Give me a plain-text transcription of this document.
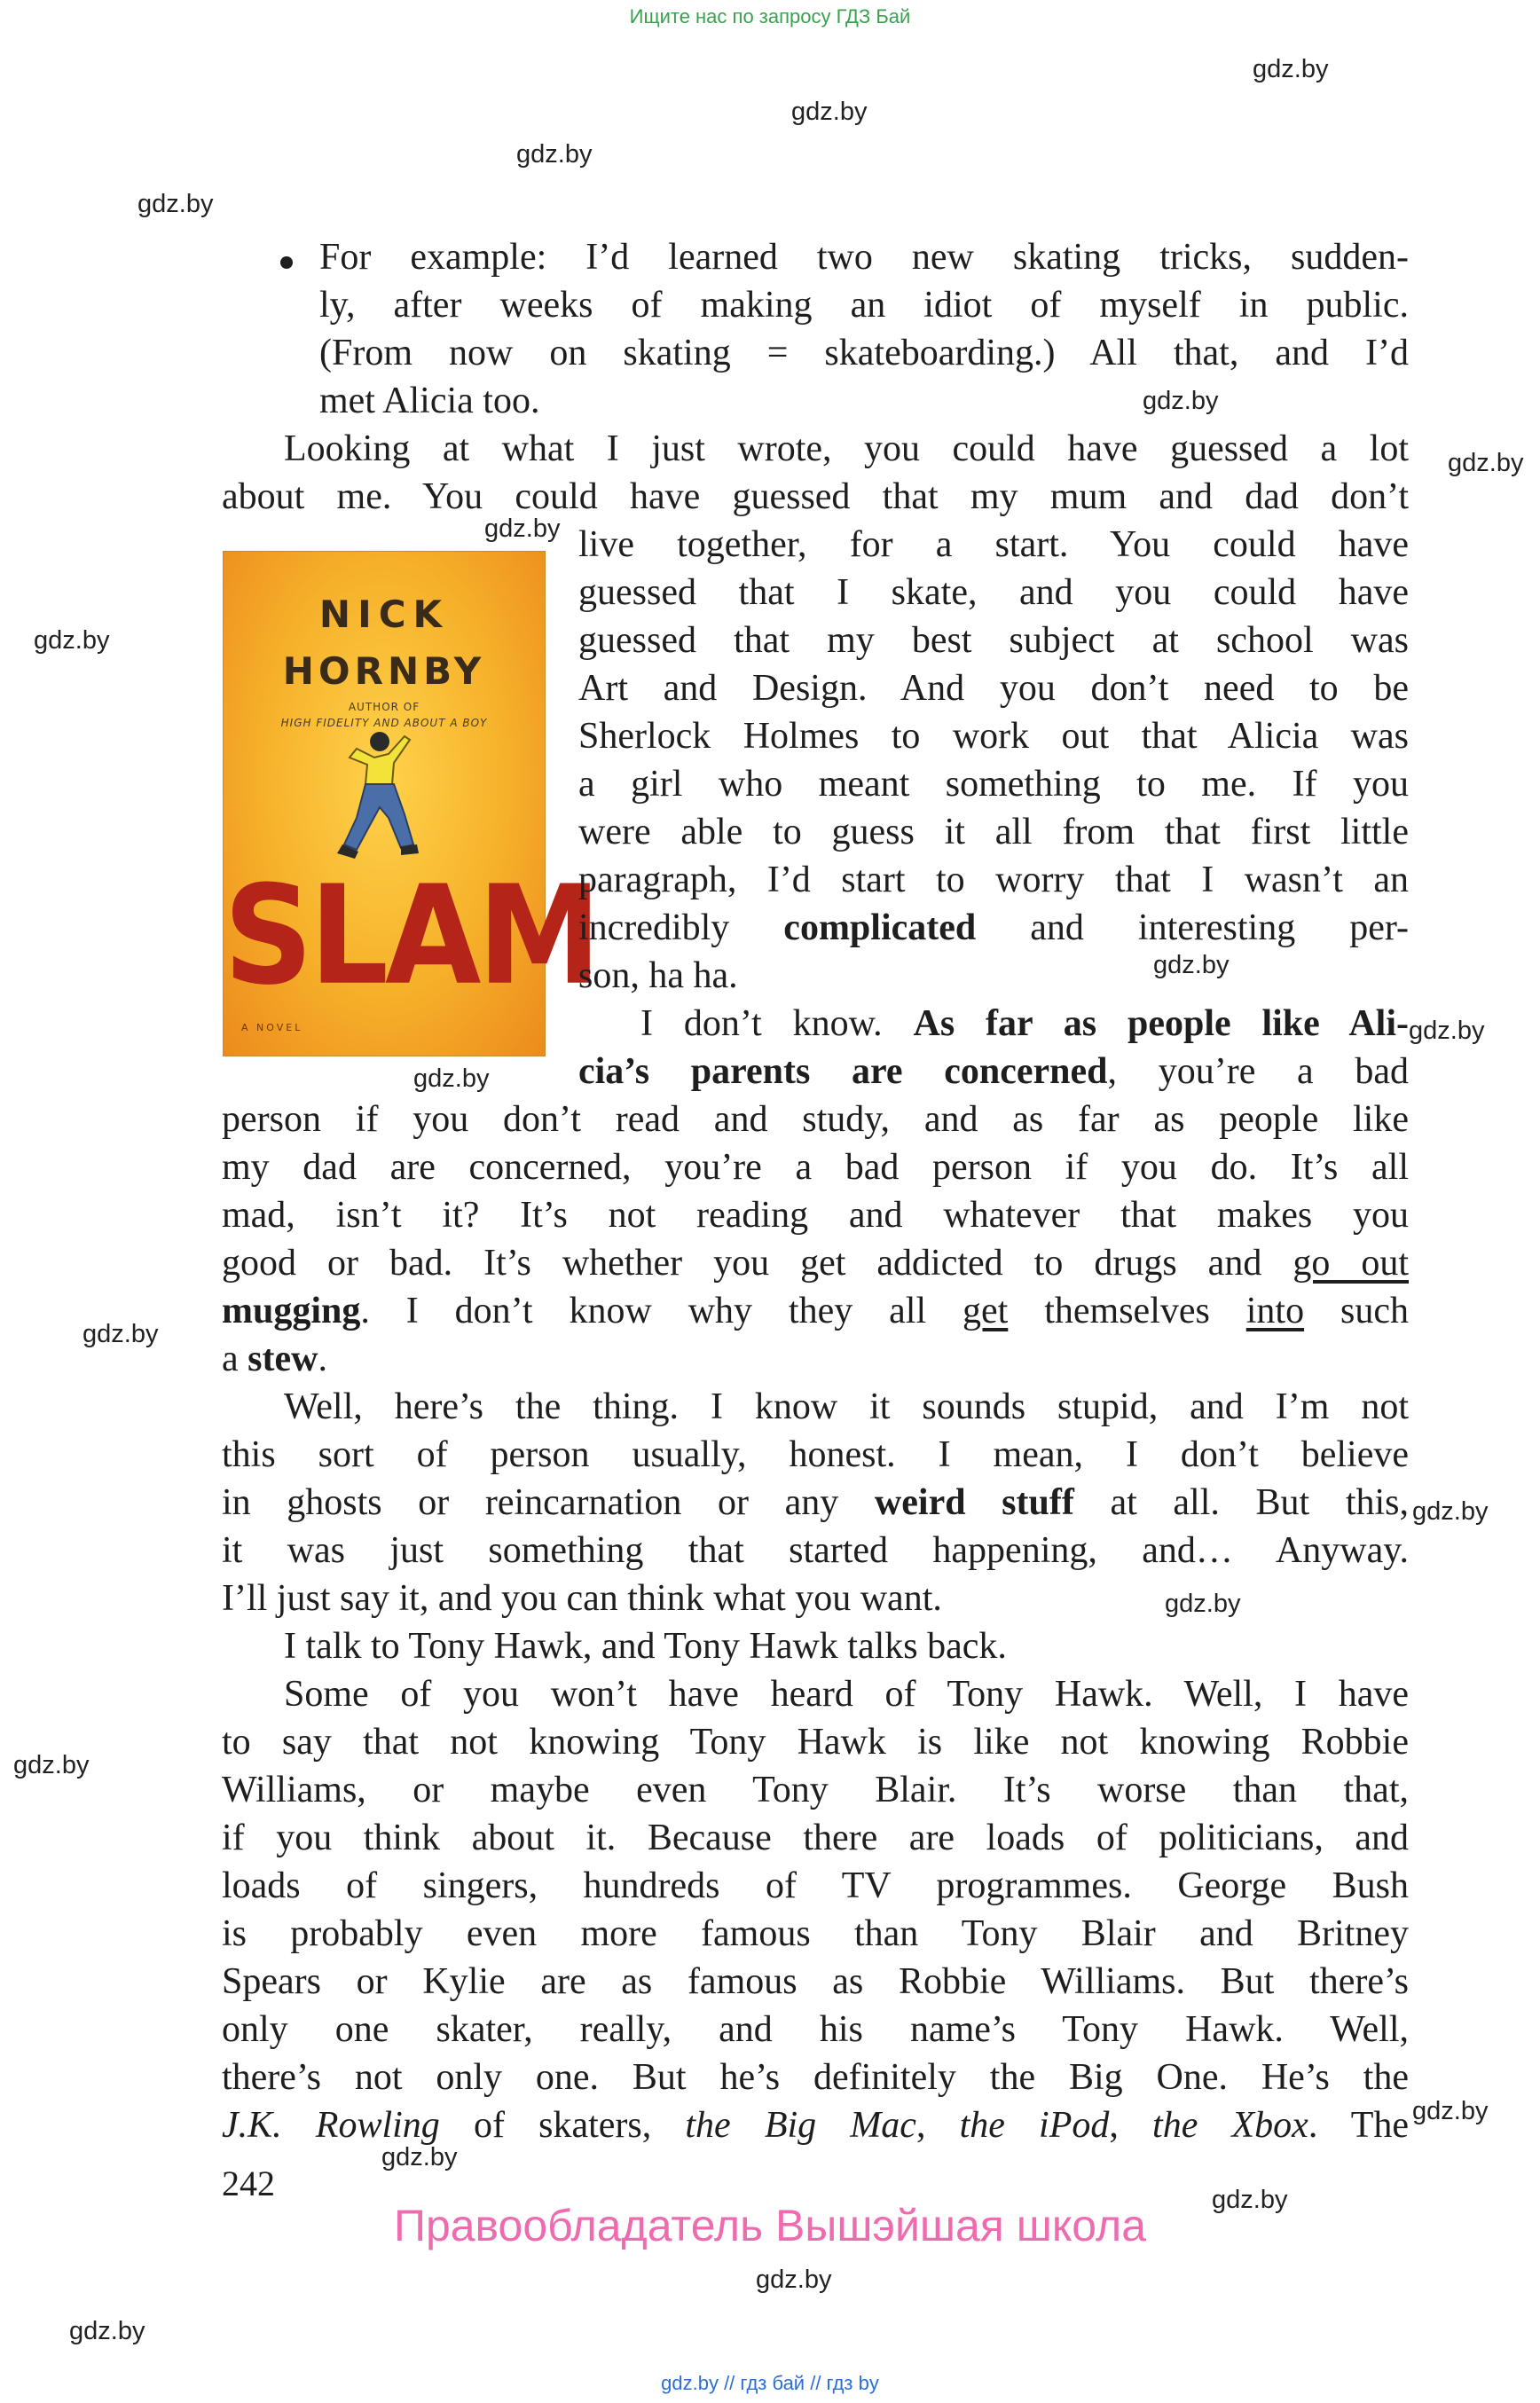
Ищите нас по запросу ГДЗ Бай
gdz.by
gdz.by
gdz.by
gdz.by
gdz.by
gdz.by
gdz.by
gdz.by
gdz.by
gdz.by
gdz.by
gdz.by
gdz.by
gdz.by
gdz.by
gdz.by
gdz.by
gdz.by
gdz.by
gdz.by
NICK
HORNBY
AUTHOR OF
HIGH FIDELITY AND ABOUT A BOY
SLAM
A NOVEL
For example: I’d learned two new skating tricks, sudden-
ly, after weeks of making an idiot of myself in public.
(From now on skating = skateboarding.) All that, and I’d
met Alicia too.
Looking at what I just wrote, you could have guessed a lot
about me. You could have guessed that my mum and dad don’t
live together, for a start. You could have
guessed that I skate, and you could have
guessed that my best subject at school was
Art and Design. And you don’t need to be
Sherlock Holmes to work out that Alicia was
a girl who meant something to me. If you
were able to guess it all from that first little
paragraph, I’d start to worry that I wasn’t an
incredibly complicated and interesting per-
son, ha ha.
I don’t know. As far as people like Ali-
cia’s parents are concerned, you’re a bad
person if you don’t read and study, and as far as people like
my dad are concerned, you’re a bad person if you do. It’s all
mad, isn’t it? It’s not reading and whatever that makes you
good or bad. It’s whether you get addicted to drugs and go out
mugging. I don’t know why they all get themselves into such
a stew.
Well, here’s the thing. I know it sounds stupid, and I’m not
this sort of person usually, honest. I mean, I don’t believe
in ghosts or reincarnation or any weird stuff at all. But this,
it was just something that started happening, and… Anyway.
I’ll just say it, and you can think what you want.
I talk to Tony Hawk, and Tony Hawk talks back.
Some of you won’t have heard of Tony Hawk. Well, I have
to say that not knowing Tony Hawk is like not knowing Robbie
Williams, or maybe even Tony Blair. It’s worse than that,
if you think about it. Because there are loads of politicians, and
loads of singers, hundreds of TV programmes. George Bush
is probably even more famous than Tony Blair and Britney
Spears or Kylie are as famous as Robbie Williams. But there’s
only one skater, really, and his name’s Tony Hawk. Well,
there’s not only one. But he’s definitely the Big One. He’s the
J.K. Rowling of skaters, the Big Mac, the iPod, the Xbox. The
242
Правообладатель Вышэйшая школа
gdz.by // гдз бай // гдз by
